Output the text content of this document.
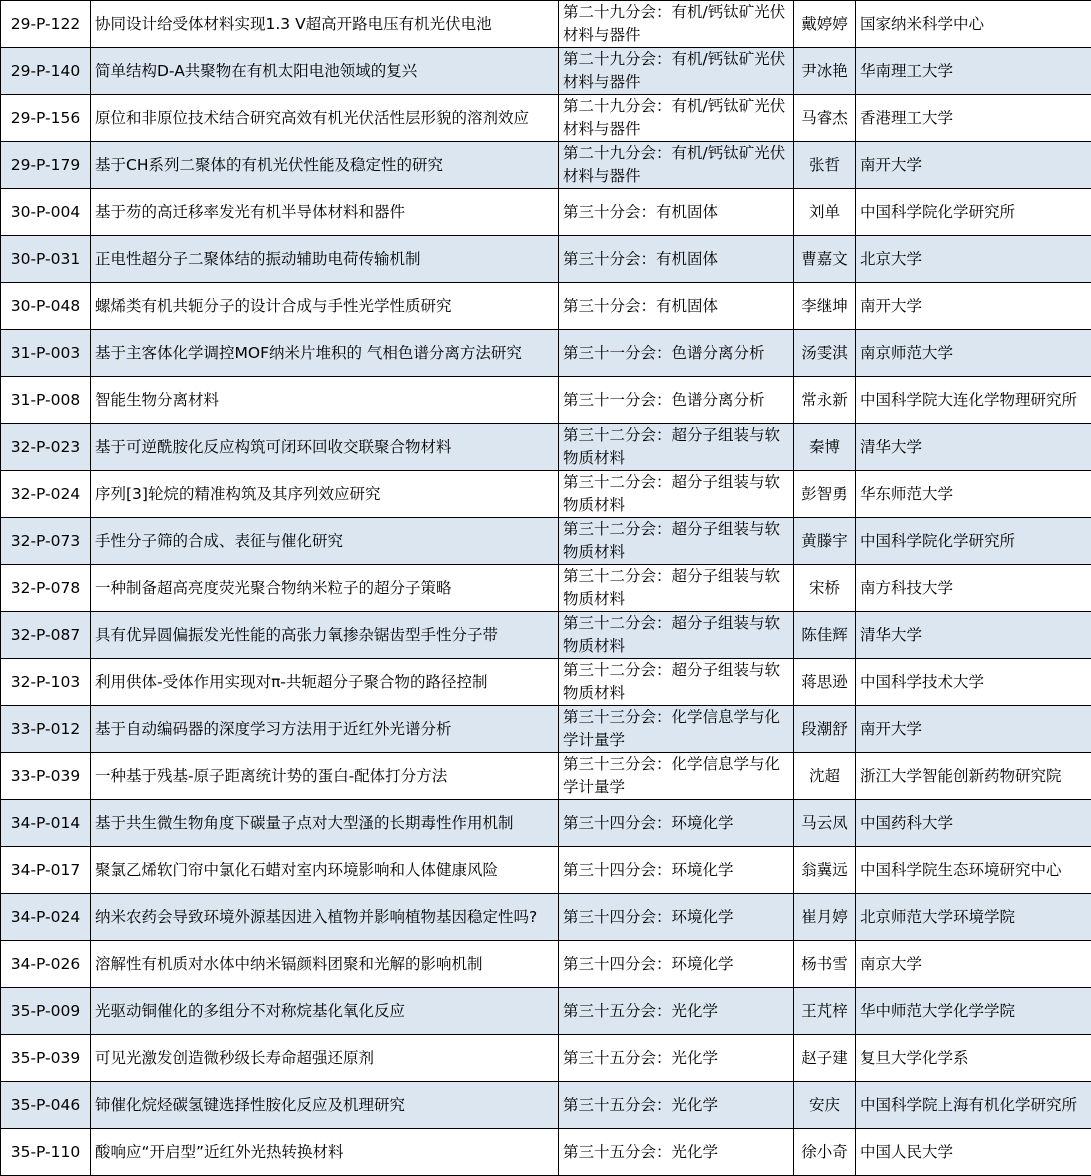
29-P-122	协同设计给受体材料实现1.3 V超高开路电压有机光伏电池	第二十九分会：有机/钙钛矿光伏材料与器件	戴婷婷	国家纳米科学中心
29-P-140	简单结构D-A共聚物在有机太阳电池领域的复兴	第二十九分会：有机/钙钛矿光伏材料与器件	尹冰艳	华南理工大学
29-P-156	原位和非原位技术结合研究高效有机光伏活性层形貌的溶剂效应	第二十九分会：有机/钙钛矿光伏材料与器件	马睿杰	香港理工大学
29-P-179	基于CH系列二聚体的有机光伏性能及稳定性的研究	第二十九分会：有机/钙钛矿光伏材料与器件	张哲	南开大学
30-P-004	基于芴的高迁移率发光有机半导体材料和器件	第三十分会：有机固体	刘单	中国科学院化学研究所
30-P-031	正电性超分子二聚体结的振动辅助电荷传输机制	第三十分会：有机固体	曹嘉文	北京大学
30-P-048	螺烯类有机共轭分子的设计合成与手性光学性质研究	第三十分会：有机固体	李继坤	南开大学
31-P-003	基于主客体化学调控MOF纳米片堆积的 气相色谱分离方法研究	第三十一分会：色谱分离分析	汤雯淇	南京师范大学
31-P-008	智能生物分离材料	第三十一分会：色谱分离分析	常永新	中国科学院大连化学物理研究所
32-P-023	基于可逆酰胺化反应构筑可闭环回收交联聚合物材料	第三十二分会：超分子组装与软物质材料	秦博	清华大学
32-P-024	序列[3]轮烷的精准构筑及其序列效应研究	第三十二分会：超分子组装与软物质材料	彭智勇	华东师范大学
32-P-073	手性分子筛的合成、表征与催化研究	第三十二分会：超分子组装与软物质材料	黄滕宇	中国科学院化学研究所
32-P-078	一种制备超高亮度荧光聚合物纳米粒子的超分子策略	第三十二分会：超分子组装与软物质材料	宋桥	南方科技大学
32-P-087	具有优异圆偏振发光性能的高张力氧掺杂锯齿型手性分子带	第三十二分会：超分子组装与软物质材料	陈佳辉	清华大学
32-P-103	利用供体-受体作用实现对π-共轭超分子聚合物的路径控制	第三十二分会：超分子组装与软物质材料	蒋思逊	中国科学技术大学
33-P-012	基于自动编码器的深度学习方法用于近红外光谱分析	第三十三分会：化学信息学与化学计量学	段潮舒	南开大学
33-P-039	一种基于残基-原子距离统计势的蛋白-配体打分方法	第三十三分会：化学信息学与化学计量学	沈超	浙江大学智能创新药物研究院
34-P-014	基于共生微生物角度下碳量子点对大型溞的长期毒性作用机制	第三十四分会：环境化学	马云凤	中国药科大学
34-P-017	聚氯乙烯软门帘中氯化石蜡对室内环境影响和人体健康风险	第三十四分会：环境化学	翁冀远	中国科学院生态环境研究中心
34-P-024	纳米农药会导致环境外源基因进入植物并影响植物基因稳定性吗?	第三十四分会：环境化学	崔月婷	北京师范大学环境学院
34-P-026	溶解性有机质对水体中纳米镉颜料团聚和光解的影响机制	第三十四分会：环境化学	杨书雪	南京大学
35-P-009	光驱动铜催化的多组分不对称烷基化氧化反应	第三十五分会：光化学	王芃梓	华中师范大学化学学院
35-P-039	可见光激发创造微秒级长寿命超强还原剂	第三十五分会：光化学	赵子建	复旦大学化学系
35-P-046	铈催化烷烃碳氢键选择性胺化反应及机理研究	第三十五分会：光化学	安庆	中国科学院上海有机化学研究所
35-P-110	酸响应“开启型”近红外光热转换材料	第三十五分会：光化学	徐小奇	中国人民大学
